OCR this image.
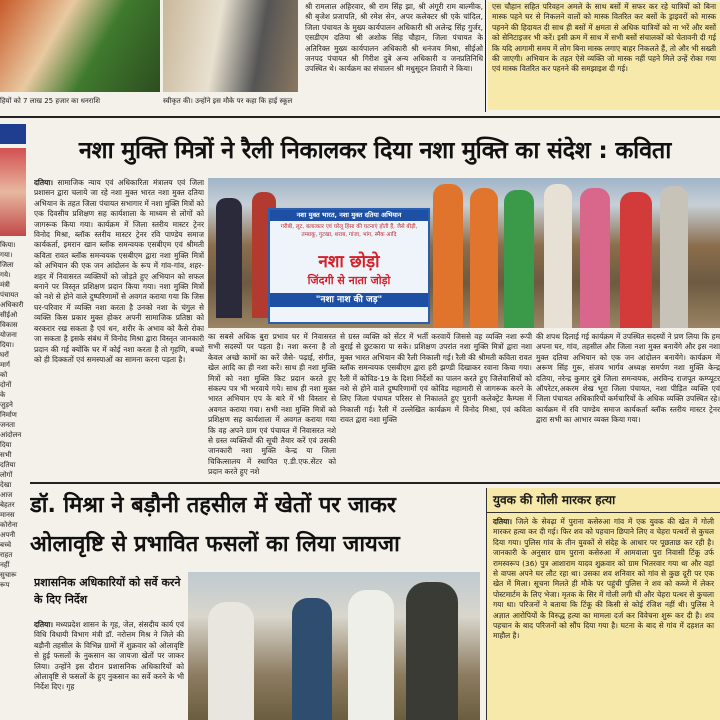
हियों को 7 लाख 25 हजार का धनराशि	स्वीकृत की। उन्होंने इस मौके पर कहा कि हाई स्कूल
श्री रामलाल अहिरवार, श्री राम सिंह झा, श्री अंगूरी राम बाल्मीक, श्री बृजेश प्रजापति, श्री रमेश सेन, अपर कलेक्टर श्री एके चांदिल, जिला पंचायत के मुख्य कार्यपालन अधिकारी श्री अलेन्द्र सिंह गुर्जर, एसडीएम दतिया श्री अशोक सिंह चौहान, जिला पंचायत के अतिरिक्त मुख्य कार्यपालन अधिकारी श्री धनंजय मिश्रा, सीईओ जनपद पंचायत श्री गिरीश दुबे अन्य अधिकारी व जनप्रतिनिधि उपस्थित थे। कार्यक्रम का संचालन श्री मधुसूदन तिवारी ने किया।
एस चौहान सहित परिवहन अमले के साथ बसों में सफर कर रहे यात्रियों को बिना मास्क पहने घर से निकलने वालों को मास्क वितरित कर बसों के ड्राइवरों को मास्क पहनने की हिदायत दी साथ ही बसों में क्षमता से अधिक यात्रियों को ना भरें और बसों को सेनिटाइजर भी करें। इसी क्रम में साथ में सभी बसों संचालकों को चेतावनी दी गई कि यदि आगामी समय में लोग बिना मास्क लगाए बाहर निकलते हैं, तो और भी सख्ती की जाएगी। अभियान के तहत ऐसे व्यक्ति जो मास्क नहीं पहने मिले उन्हें रोका गया एवं मास्क वितरित कर पहनने की समझाइश दी गई।
किया।
गया।
जिला
गये।
मंत्री
पंचायत
अधिकारी
सीईओ
विकास
योजना
दिया।
घरों
मार्ग
को
दोनों
के
जुड़ने
निर्माण
जनता
आंदोलन
दिया
सभी
दतिया
लोगों
देखा
आज
बेहतर
मानस
कोरोना
अपनी
बच्चे
राहत
नहीं
सुचारू
रूप
नशा मुक्ति मित्रों ने रैली निकालकर दिया नशा मुक्ति का संदेश : कविता
दतिया। सामाजिक न्याय एवं अधिकारिता मंत्रालय एवं जिला प्रशासन द्वारा चलाये जा रहे नशा मुक्त भारत नशा मुक्त दतिया अभियान के तहत जिला पंचायत सभागार में नशा मुक्ति मित्रों को एक दिवसीय प्रशिक्षण सह कार्यशाला के माध्यम से लोगों को जागरूक किया गया। कार्यक्रम में जिला स्तरीय मास्टर ट्रेनर विनोद मिश्रा, ब्लॉक स्तरीय मास्टर ट्रेनर रवि पाण्डेय समाज कार्यकर्ता, इमरान खान ब्लॉक समन्वयक एसबीएम एवं श्रीमती कविता रावत ब्लॉक समन्वयक एसबीएम द्वारा नशा मुक्ति मित्रों को अभियान की एक जन आंदोलन के रूप में गांव-गांव, शहर-शहर में निवासरत व्यक्तियों को जोड़ते हुए अभियान को सफल बनाने पर विस्तृत प्रशिक्षण प्रदान किया गया। नशा मुक्ति मित्रों को नशे से होने वाले दुष्परिणामों से अवगत कराया गया कि जिस घर-परिवार में व्यक्ति नशा करता है उनको नशा के चंगुल से व्यक्ति किस प्रकार मुक्त होकर अपनी सामाजिक प्रतिष्ठा को बरकरार रख सकता है एवं धन, शरीर के अभाव को कैसे रोका जा सकता है इसके संबंध में विनोद मिश्रा द्वारा विस्तृत जानकारी प्रदान की गई क्योंकि घर में कोई नशा करता है तो गृहणि, बच्चों को ही दिक्कतों एवं समस्याओं का सामना करना पड़ता है।
नशा मुक्त भारत, नशा मुक्त दतिया अभियान
गरीबी, लूट, बलात्कार एवं घरेलू हिंसा की घटनाएं होती हैं, जैसे बीड़ी, तम्बाकू, गुटखा, शराब, गांजा, भांग, स्मैक आदि
नशा छोड़ो
जिंदगी से नाता जोड़ो
"नशा नाश की जड़"
का सबसे अधिक बुरा प्रभाव घर में निवासरत सभी सदस्यों पर पड़ता है। नशा करना है तो केवल अच्छे कामों का करें जैसे- पढ़ाई, संगीत, खेल आदि का ही नशा करें। साथ ही नशा मुक्ति मित्रों को नशा मुक्ति किट प्रदान करते हुए संकल्प पत्र भी भरवाये गये। साथ ही नशा मुक्त भारत अभियान एप के बारे में भी विस्तार से अवगत कराया गया। सभी नशा मुक्ति मित्रों को प्रशिक्षण सह कार्यशाला में अवगत कराया गया कि वह अपने ग्राम एवं पंचायत में निवासरत नशे से ग्रस्त व्यक्तियों की सूची तैयार करें एवं उसकी जानकारी नशा मुक्ति केन्द्र या जिला चिकित्सालय में स्थापित ए.डी.एफ.सेंटर को प्रदान करते हुए नशे
से ग्रस्त व्यक्ति को सेंटर में भर्ती करवायें जिससे वह व्यक्ति नशा रूपी बुराई से छुटकारा पा सके। प्रशिक्षण उपरांत नशा मुक्ति मित्रों द्वारा नशा मुक्त भारत अभियान की रैली निकाली गई। रैली की श्रीमती कविता रावत ब्लॉक समन्वयक एसबीएम द्वारा हरी झण्डी दिखाकर रवाना किया गया। रैली में कोविड-19 के दिशा निर्देशों का पालन करते हुए जिलेवासियों को नशे से होने वाले दुष्परिणामों एवं कोविड महामारी से जागरूक करने के लिए जिला पंचायत परिसर से निकालते हुए पुरानी कलेक्ट्रेट कैम्पस में निकाली गई। रैली में उल्लेखित कार्यक्रम में विनोद मिश्रा, एवं कविता रावत द्वारा नशा मुक्ति
की शपथ दिलाई गई कार्यक्रम में उपस्थित सदस्यों ने प्रण लिया कि हम अपना घर, गांव, तहसील और जिला नशा मुक्त बनायेंगे और इस नशा मुक्त दतिया अभियान को एक जन आंदोलन बनायेंगे। कार्यक्रम में अरूण सिंह गुरू, संजय भार्गव अध्यक्ष समर्पण नशा मुक्ति केन्द्र दतिया, नरेन्द्र कुमार दुबे जिला समन्वयक, अरविन्द राजपूत कम्प्यूटर ऑपरेटर,अकरम शेख भूरा जिला पंचायत, नशा पीड़ित व्यक्ति एवं जिला पंचायत अधिकारियों कर्मचारियों के अधिक व्यक्ति उपस्थित रहे। कार्यक्रम में रवि पाण्डेय समाज कार्यकर्ता ब्लॉक स्तरीय मास्टर ट्रेनर द्वारा सभी का आभार व्यक्त किया गया।
डॉ. मिश्रा ने बड़ौनी तहसील में खेतों पर जाकर
ओलावृष्टि से प्रभावित फसलों का लिया जायजा
प्रशासनिक अधिकारियों को सर्वे करने के दिए निर्देश
दतिया। मध्यप्रदेश शासन के गृह, जेल, संसदीय कार्य एवं विधि विधायी विभाग मंत्री डॉ. नरोत्तम मिश्र ने जिले की बड़ौनी तहसील के विभिन्न ग्रामों में शुक्रवार को ओलावृष्टि से हुई फसलों के नुकसान का जायजा खेतों पर जाकर लिया। उन्होंने इस दौरान प्रशासनिक अधिकारियों को ओलावृष्टि से फसलों के हुए नुकसान का सर्वे करने के भी निर्देश दिए। गृह
युवक की गोली मारकर हत्या
दतिया। जिले के सेवढ़ा में पुराना कसेरुआ गांव में एक युवक की खेत में गोली मारकर हत्या कर दी गई। फिर शव को पहचान छिपाने लिए व चेहरा पत्थरों से कुचल दिया गया। पुलिस गांव के तीन युवकों से संदेह के आधार पर पूछताछ कर रही है। जानकारी के अनुसार ग्राम पुराना कसेरुआ में आमवाला पुरा निवासी टिंकू उर्फ रामस्वरूप (36) पुत्र आशाराम यादव शुक्रवार को ग्राम भितरवार गया था और वहां से वापस अपने घर लौट रहा था। उसका शव शनिवार को गांव से कुछ दूरी पर एक खेत में मिला। सूचना मिलते ही मौके पर पहुंची पुलिस ने शव को कब्जे में लेकर पोस्टमार्टम के लिए भेजा। मृतक के सिर में गोली लगी थी और चेहरा पत्थर से कुचला गया था। परिजनों ने बताया कि टिंकू की किसी से कोई रंजिश नहीं थी। पुलिस ने अज्ञात आरोपियों के विरुद्ध हत्या का मामला दर्ज कर विवेचना शुरू कर दी है। शव पहचान के बाद परिजनों को सौंप दिया गया है। घटना के बाद से गांव में दहशत का माहौल है।
